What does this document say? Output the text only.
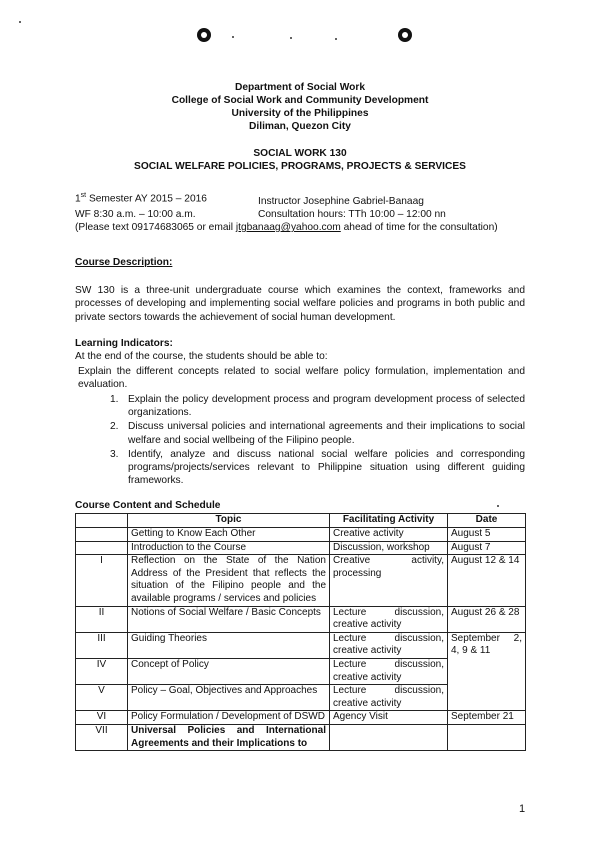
Department of Social Work
College of Social Work and Community Development
University of the Philippines
Diliman, Quezon City
SOCIAL WORK 130
SOCIAL WELFARE POLICIES, PROGRAMS, PROJECTS & SERVICES
1st Semester AY 2015 – 2016	Instructor Josephine Gabriel-Banaag
WF 8:30 a.m. – 10:00 a.m.	Consultation hours: TTh 10:00 – 12:00 nn
(Please text 09174683065 or email jtgbanaag@yahoo.com ahead of time for the consultation)
Course Description:
SW 130 is a three-unit undergraduate course which examines the context, frameworks and processes of developing and implementing social welfare policies and programs in both public and private sectors towards the achievement of social human development.
Learning Indicators:
At the end of the course, the students should be able to:
Explain the different concepts related to social welfare policy formulation, implementation and evaluation.
1. Explain the policy development process and program development process of selected organizations.
2. Discuss universal policies and international agreements and their implications to social welfare and social wellbeing of the Filipino people.
3. Identify, analyze and discuss national social welfare policies and corresponding programs/projects/services relevant to Philippine situation using different guiding frameworks.
Course Content and Schedule
	Topic	Facilitating Activity	Date
	Getting to Know Each Other	Creative activity	August 5
	Introduction to the Course	Discussion, workshop	August 7
I	Reflection on the State of the Nation Address of the President that reflects the situation of the Filipino people and the available programs / services and policies	Creative activity, processing	August 12 & 14
II	Notions of Social Welfare / Basic Concepts	Lecture discussion, creative activity	August 26 & 28
III	Guiding Theories	Lecture discussion, creative activity	September 2, 4, 9 & 11
IV	Concept of Policy	Lecture discussion, creative activity	
V	Policy – Goal, Objectives and Approaches	Lecture discussion, creative activity	
VI	Policy Formulation / Development of DSWD	Agency Visit	September 21
VII	Universal Policies and International Agreements and their Implications to		
1
